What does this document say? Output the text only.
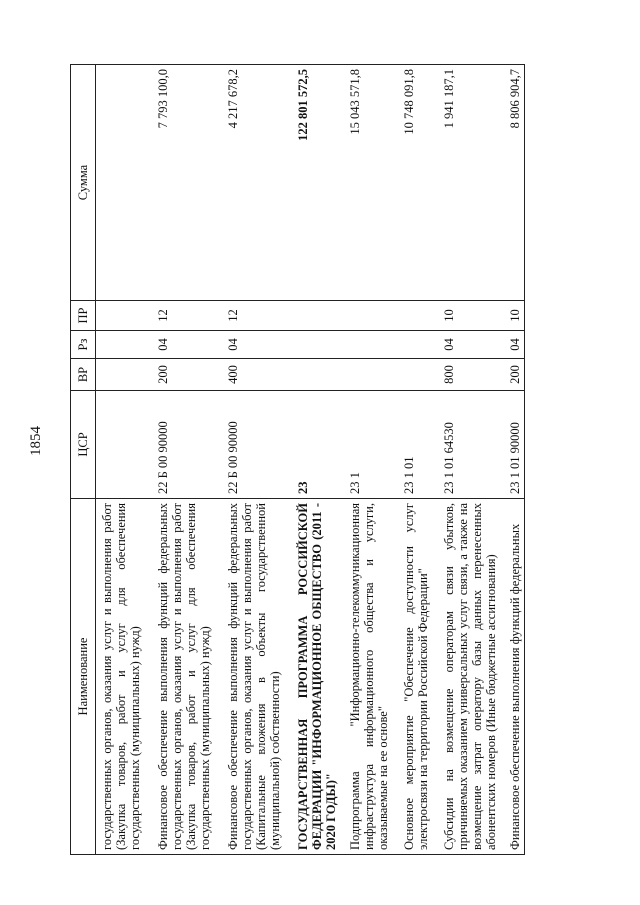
1854
Наименование	ЦСР	ВР	Рз	ПР	Сумма
государственных органов, оказания услуг и выполнения работ (Закупка товаров, работ и услуг для обеспечения государственных (муниципальных) нужд)					
Финансовое обеспечение выполнения функций федеральных государственных органов, оказания услуг и выполнения работ (Закупка товаров, работ и услуг для обеспечения государственных (муниципальных) нужд)	22 Б 00 90000	200	04	12	7 793 100,0
Финансовое обеспечение выполнения функций федеральных государственных органов, оказания услуг и выполнения работ (Капитальные вложения в объекты государственной (муниципальной) собственности)	22 Б 00 90000	400	04	12	4 217 678,2
ГОСУДАРСТВЕННАЯ ПРОГРАММА РОССИЙСКОЙ ФЕДЕРАЦИИ "ИНФОРМАЦИОННОЕ ОБЩЕСТВО (2011 - 2020 ГОДЫ)"	23				122 801 572,5
Подпрограмма "Информационно-телекоммуникационная инфраструктура информационного общества и услуги, оказываемые на ее основе"	23 1				15 043 571,8
Основное мероприятие "Обеспечение доступности услуг электросвязи на территории Российской Федерации"	23 1 01				10 748 091,8
Субсидии на возмещение операторам связи убытков, причиняемых оказанием универсальных услуг связи, а также на возмещение затрат оператору базы данных перенесенных абонентских номеров (Иные бюджетные ассигнования)	23 1 01 64530	800	04	10	1 941 187,1
Финансовое обеспечение выполнения функций федеральных	23 1 01 90000	200	04	10	8 806 904,7
